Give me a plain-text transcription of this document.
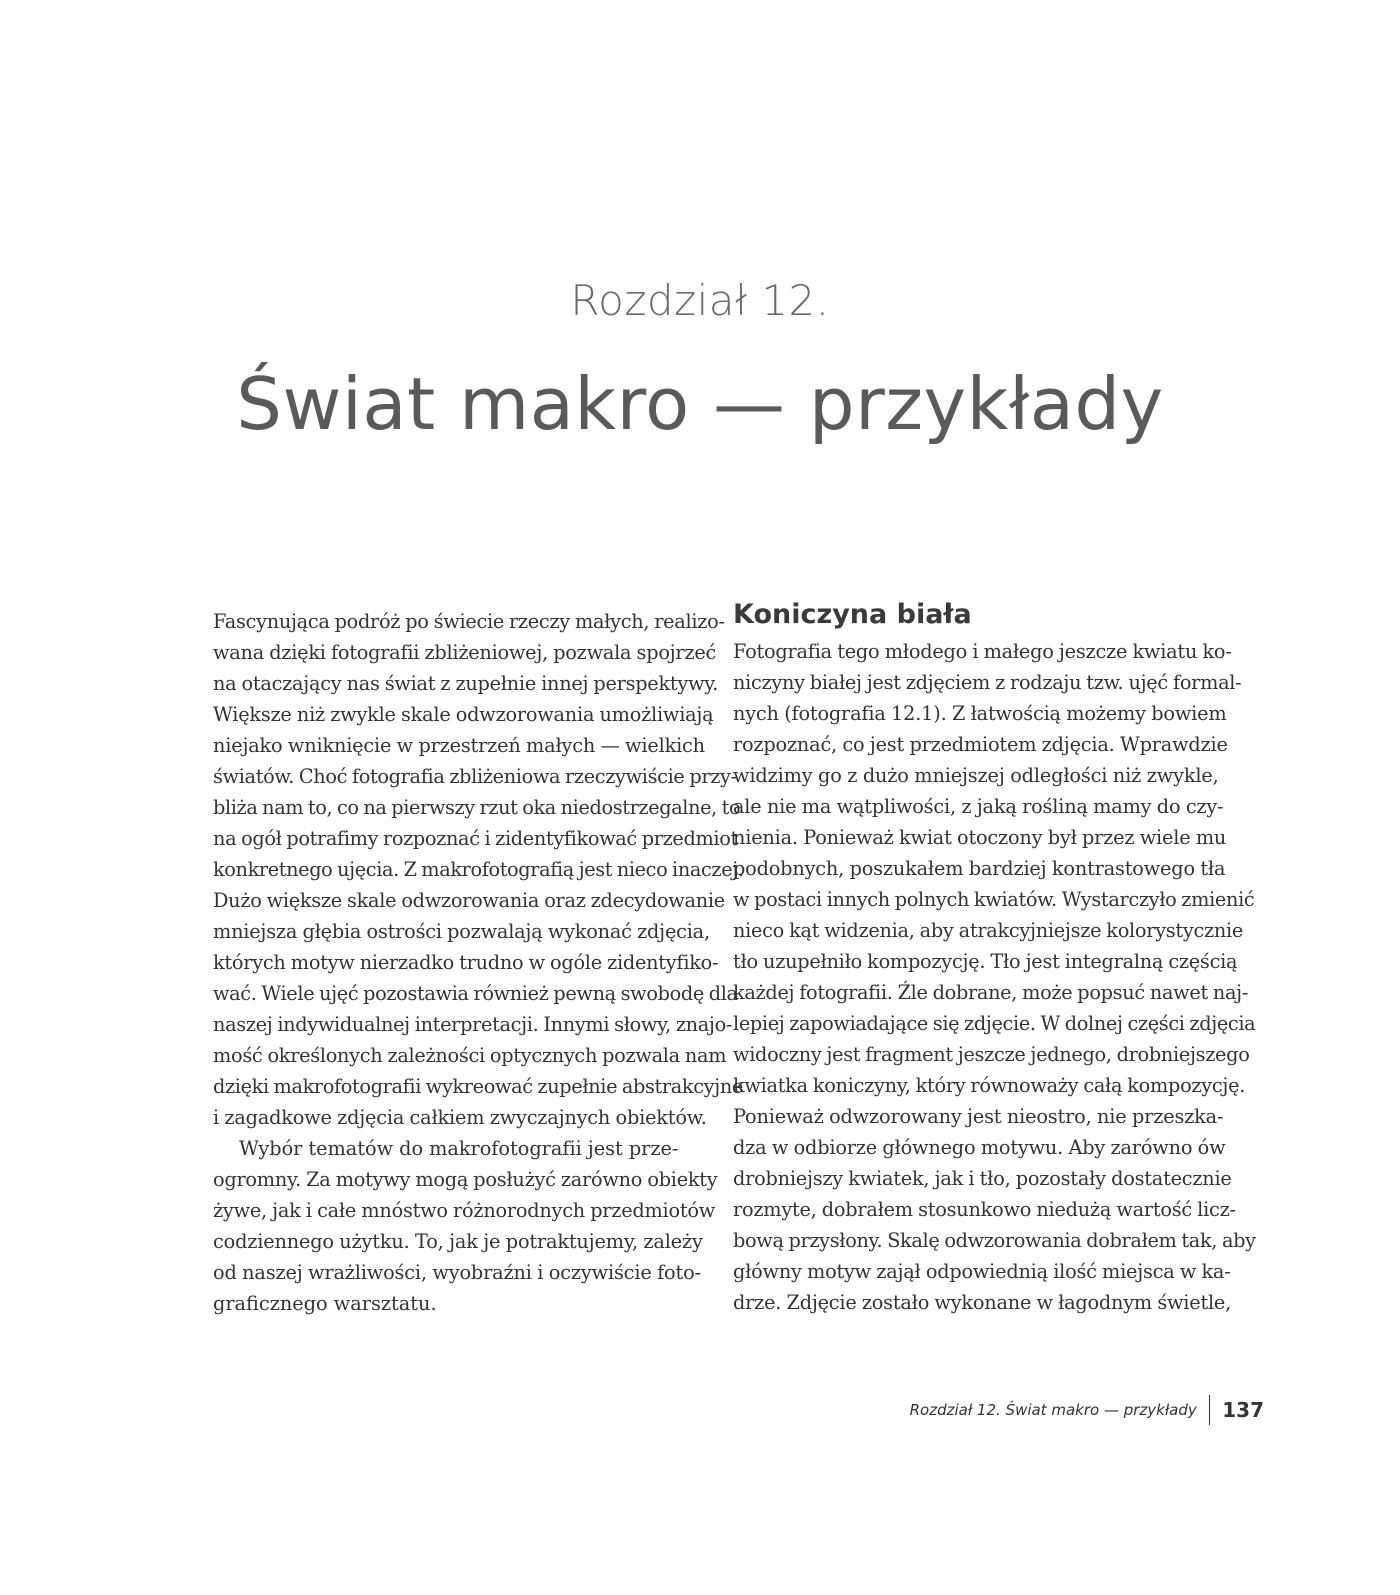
Rozdział 12.
Świat makro — przykłady

Fascynująca podróż po świecie rzeczy małych, realizo-
wana dzięki fotografii zbliżeniowej, pozwala spojrzeć
na otaczający nas świat z zupełnie innej perspektywy.
Większe niż zwykle skale odwzorowania umożliwiają
niejako wniknięcie w przestrzeń małych — wielkich
światów. Choć fotografia zbliżeniowa rzeczywiście przy-
bliża nam to, co na pierwszy rzut oka niedostrzegalne, to
na ogół potrafimy rozpoznać i zidentyfikować przedmiot
konkretnego ujęcia. Z makrofotografią jest nieco inaczej.
Dużo większe skale odwzorowania oraz zdecydowanie
mniejsza głębia ostrości pozwalają wykonać zdjęcia,
których motyw nierzadko trudno w ogóle zidentyfiko-
wać. Wiele ujęć pozostawia również pewną swobodę dla
naszej indywidualnej interpretacji. Innymi słowy, znajo-
mość określonych zależności optycznych pozwala nam
dzięki makrofotografii wykreować zupełnie abstrakcyjne
i zagadkowe zdjęcia całkiem zwyczajnych obiektów.

Wybór tematów do makrofotografii jest prze-
ogromny. Za motywy mogą posłużyć zarówno obiekty
żywe, jak i całe mnóstwo różnorodnych przedmiotów
codziennego użytku. To, jak je potraktujemy, zależy
od naszej wrażliwości, wyobraźni i oczywiście foto-
graficznego warsztatu.

Koniczyna biała

Fotografia tego młodego i małego jeszcze kwiatu ko-
niczyny białej jest zdjęciem z rodzaju tzw. ujęć formal-
nych (fotografia 12.1). Z łatwością możemy bowiem
rozpoznać, co jest przedmiotem zdjęcia. Wprawdzie
widzimy go z dużo mniejszej odległości niż zwykle,
ale nie ma wątpliwości, z jaką rośliną mamy do czy-
nienia. Ponieważ kwiat otoczony był przez wiele mu
podobnych, poszukałem bardziej kontrastowego tła
w postaci innych polnych kwiatów. Wystarczyło zmienić
nieco kąt widzenia, aby atrakcyjniejsze kolorystycznie
tło uzupełniło kompozycję. Tło jest integralną częścią
każdej fotografii. Źle dobrane, może popsuć nawet naj-
lepiej zapowiadające się zdjęcie. W dolnej części zdjęcia
widoczny jest fragment jeszcze jednego, drobniejszego
kwiatka koniczyny, który równoważy całą kompozycję.
Ponieważ odwzorowany jest nieostro, nie przeszka-
dza w odbiorze głównego motywu. Aby zarówno ów
drobniejszy kwiatek, jak i tło, pozostały dostatecznie
rozmyte, dobrałem stosunkowo niedużą wartość licz-
bową przysłony. Skalę odwzorowania dobrałem tak, aby
główny motyw zajął odpowiednią ilość miejsca w ka-
drze. Zdjęcie zostało wykonane w łagodnym świetle,

Rozdział 12. Świat makro — przykłady	137
